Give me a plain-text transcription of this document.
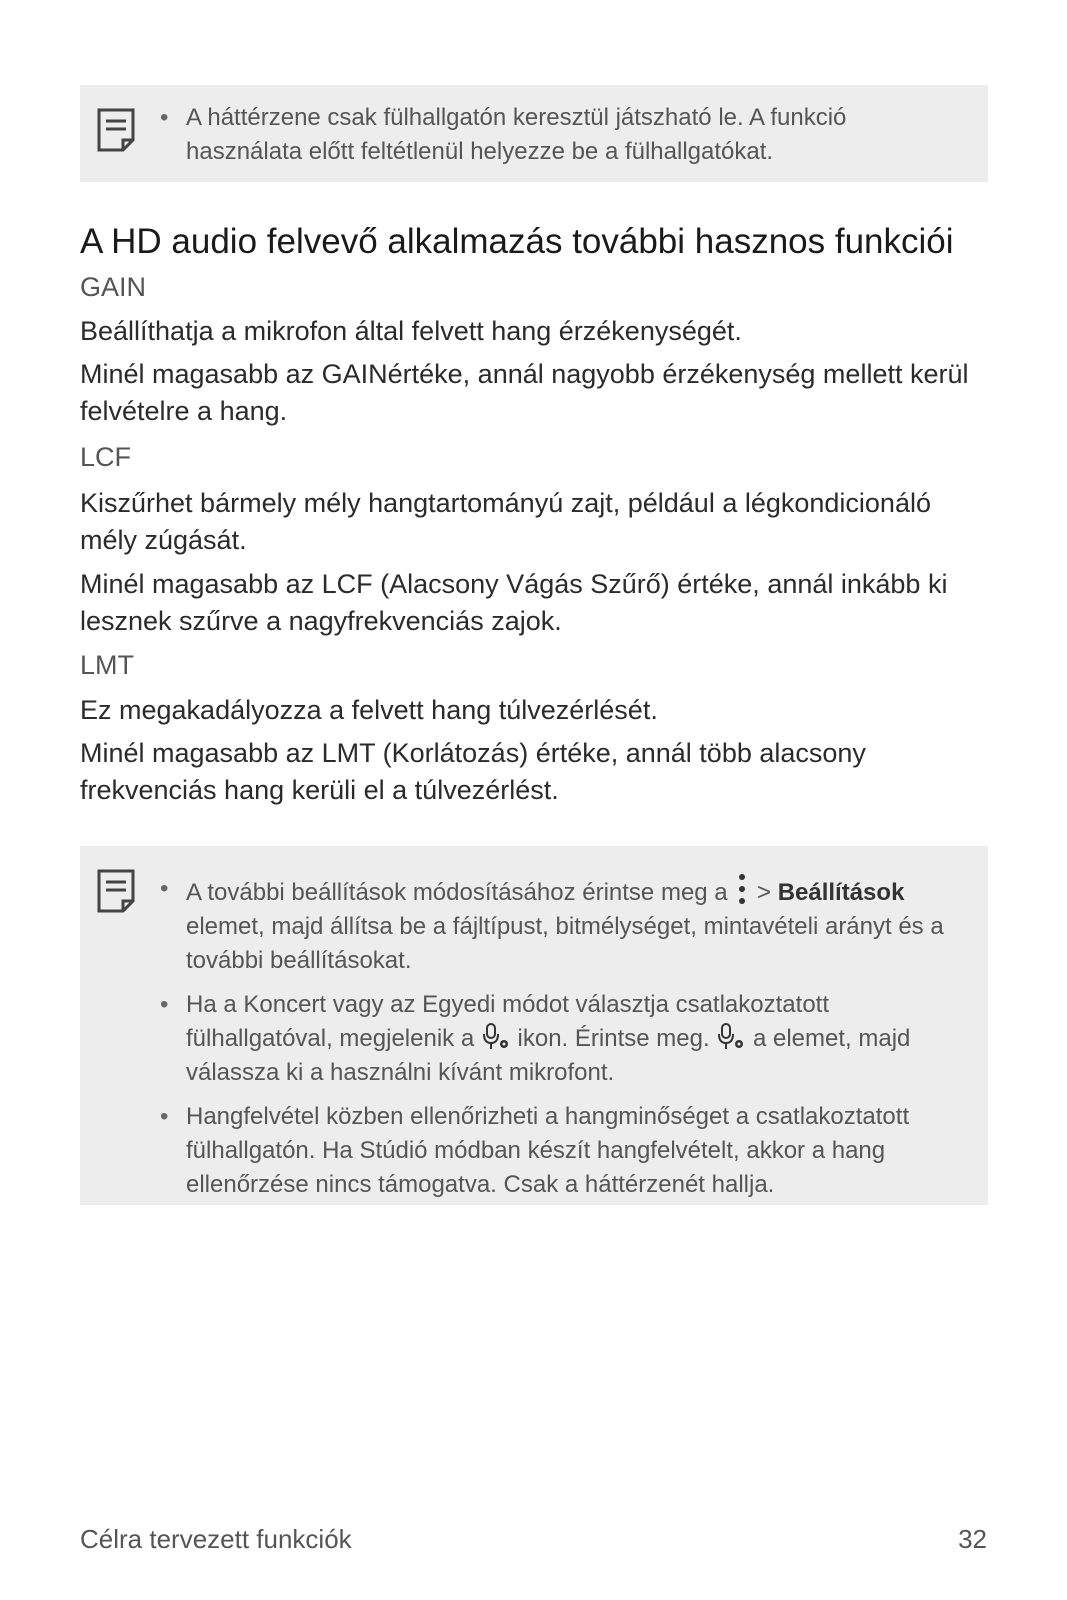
• A háttérzene csak fülhallgatón keresztül játszható le. A funkció használata előtt feltétlenül helyezze be a fülhallgatókat.
A HD audio felvevő alkalmazás további hasznos funkciói
GAIN

Beállíthatja a mikrofon által felvett hang érzékenységét.

Minél magasabb az GAINértéke, annál nagyobb érzékenység mellett kerül felvételre a hang.

LCF

Kiszűrhet bármely mély hangtartományú zajt, például a légkondicionáló mély zúgását.

Minél magasabb az LCF (Alacsony Vágás Szűrő) értéke, annál inkább ki lesznek szűrve a nagyfrekvenciás zajok.

LMT

Ez megakadályozza a felvett hang túlvezérlését.

Minél magasabb az LMT (Korlátozás) értéke, annál több alacsony frekvenciás hang kerüli el a túlvezérlést.

• A további beállítások módosításához érintse meg a > Beállítások elemet, majd állítsa be a fájltípust, bitmélységet, mintavételi arányt és a további beállításokat.
• Ha a Koncert vagy az Egyedi módot választja csatlakoztatott fülhallgatóval, megjelenik a ikon. Érintse meg. a elemet, majd válassza ki a használni kívánt mikrofont.
• Hangfelvétel közben ellenőrizheti a hangminőséget a csatlakoztatott fülhallgatón. Ha Stúdió módban készít hangfelvételt, akkor a hang ellenőrzése nincs támogatva. Csak a háttérzenét hallja.
Célra tervezett funkciók	32
